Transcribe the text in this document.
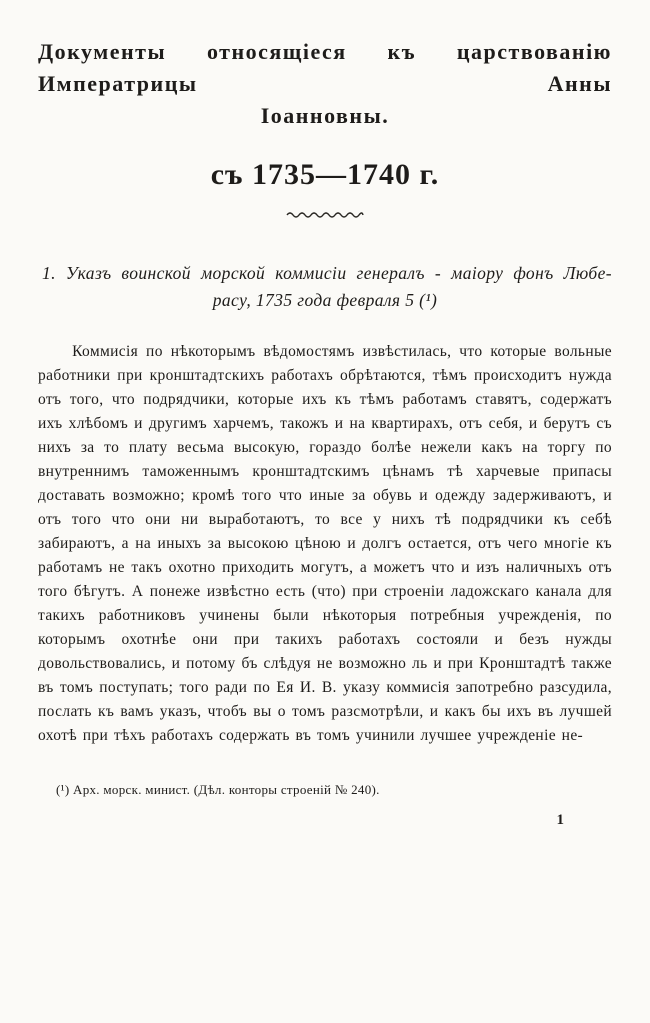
Документы относящіеся къ царствованію Императрицы Анны
Іоанновны.
съ 1735—1740 г.
1. Указъ воинской морской коммисіи генералъ - маіору фонъ Любе-
расу, 1735 года февраля 5 (¹)

Коммисія по нѣкоторымъ вѣдомостямъ извѣстилась, что которые вольные работники при кронштадтскихъ работахъ обрѣтаются, тѣмъ происходитъ нужда отъ того, что подрядчики, которые ихъ къ тѣмъ работамъ ставятъ, содержатъ ихъ хлѣбомъ и другимъ харчемъ, такожъ и на квартирахъ, отъ себя, и берутъ съ нихъ за то плату весьма высокую, гораздо болѣе нежели какъ на торгу по внутреннимъ таможеннымъ кронштадтскимъ цѣнамъ тѣ харчевые припасы доставать возможно; кромѣ того что иные за обувь и одежду задерживаютъ, и отъ того что они ни выработаютъ, то все у нихъ тѣ подрядчики къ себѣ забираютъ, а на иныхъ за высокою цѣною и долгъ остается, отъ чего многіе къ работамъ не такъ охотно приходить могутъ, а можетъ что и изъ наличныхъ отъ того бѣгутъ. А понеже извѣстно есть (что) при строеніи ладожскаго канала для такихъ работниковъ учинены были нѣкоторыя потребныя учрежденія, по которымъ охотнѣе они при такихъ работахъ состояли и безъ нужды довольствовались, и потому бъ слѣдуя не возможно ль и при Кронштадтѣ также въ томъ поступать; того ради по Ея И. В. указу коммисія запотребно разсудила, послать къ вамъ указъ, чтобъ вы о томъ разсмотрѣли, и какъ бы ихъ въ лучшей охотѣ при тѣхъ работахъ содержать въ томъ учинили лучшее учрежденіе не-

(¹) Арх. морск. минист. (Дѣл. конторы строеній № 240).
1
